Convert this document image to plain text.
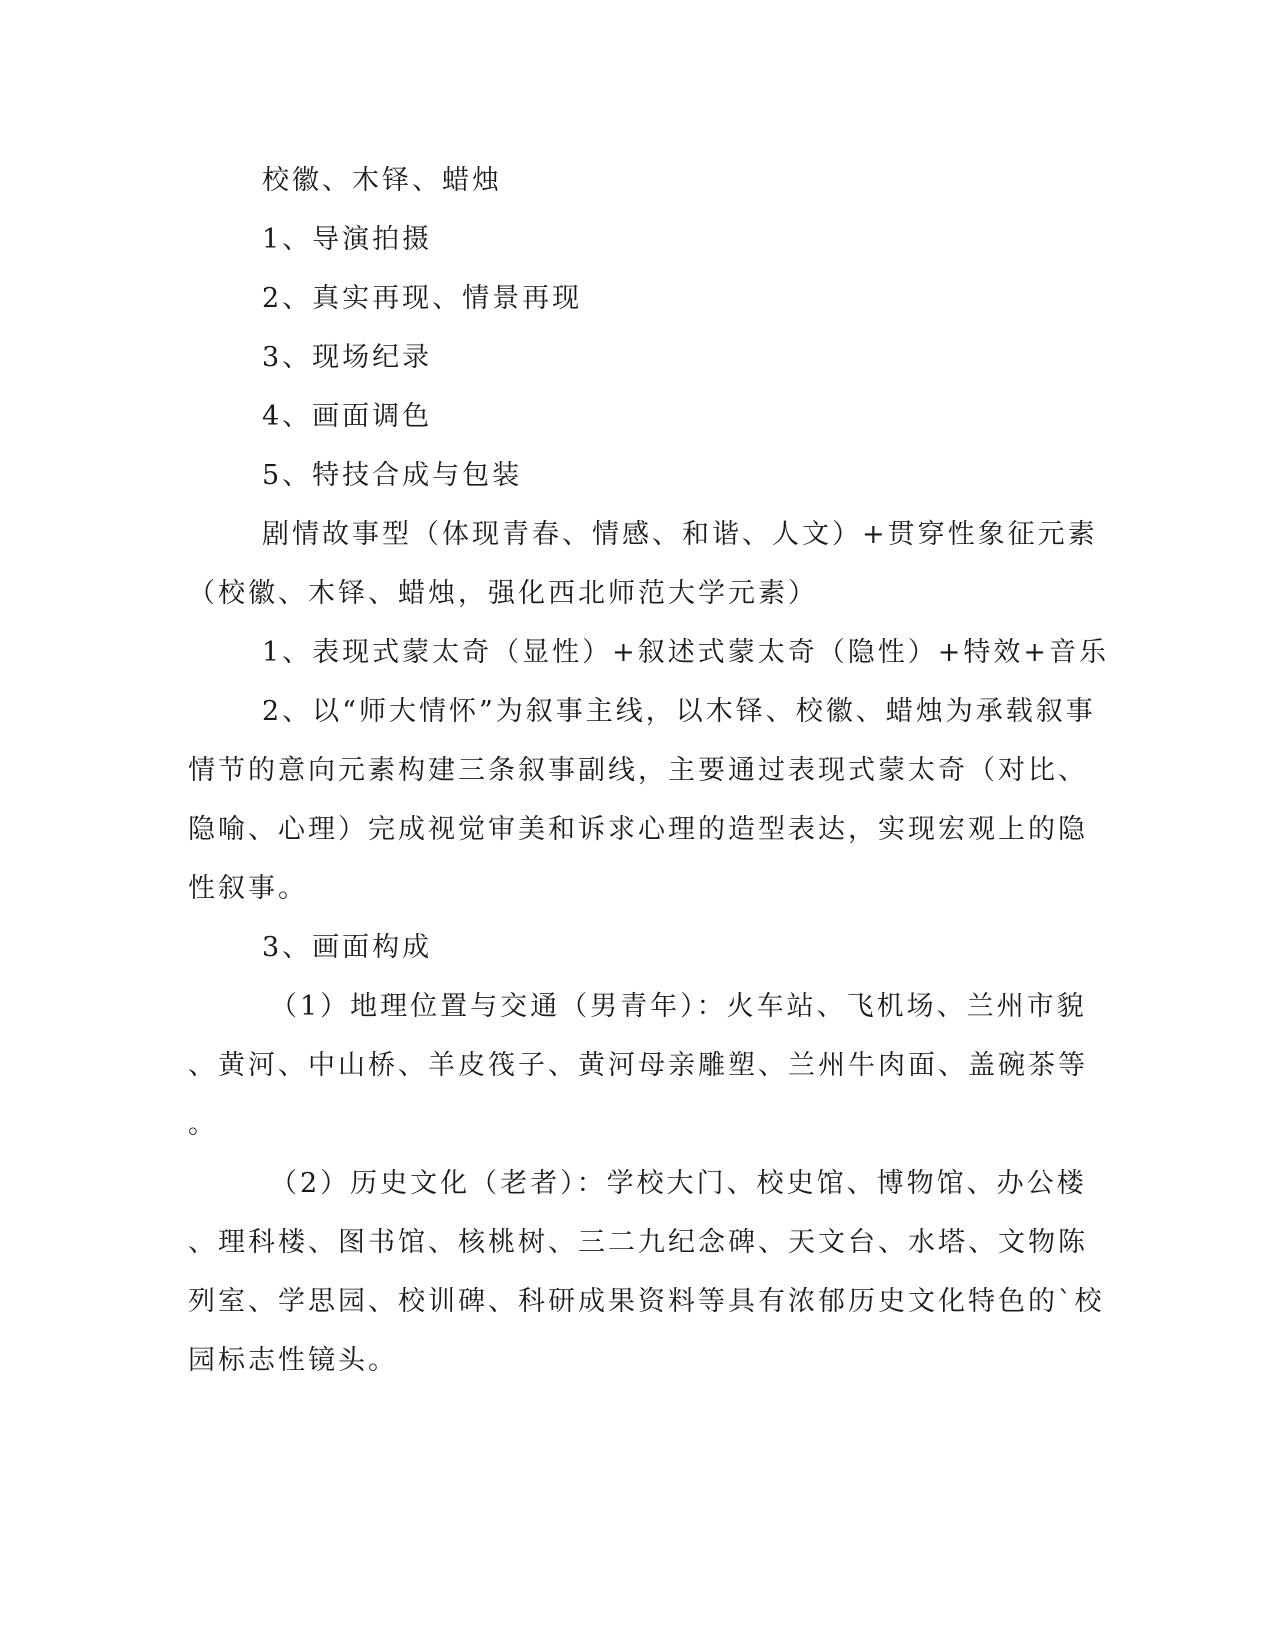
校徽、木铎、蜡烛

1、导演拍摄

2、真实再现、情景再现

3、现场纪录

4、画面调色

5、特技合成与包装

剧情故事型（体现青春、情感、和谐、人文）+贯穿性象征元素

（校徽、木铎、蜡烛，强化西北师范大学元素）

1、表现式蒙太奇（显性）+叙述式蒙太奇（隐性）+特效+音乐

2、以“师大情怀”为叙事主线，以木铎、校徽、蜡烛为承载叙事

情节的意向元素构建三条叙事副线，主要通过表现式蒙太奇（对比、

隐喻、心理）完成视觉审美和诉求心理的造型表达，实现宏观上的隐

性叙事。

3、画面构成

（1）地理位置与交通（男青年）：火车站、飞机场、兰州市貌

、黄河、中山桥、羊皮筏子、黄河母亲雕塑、兰州牛肉面、盖碗茶等

。

（2）历史文化（老者）：学校大门、校史馆、博物馆、办公楼

、理科楼、图书馆、核桃树、三二九纪念碑、天文台、水塔、文物陈

列室、学思园、校训碑、科研成果资料等具有浓郁历史文化特色的`校

园标志性镜头。
